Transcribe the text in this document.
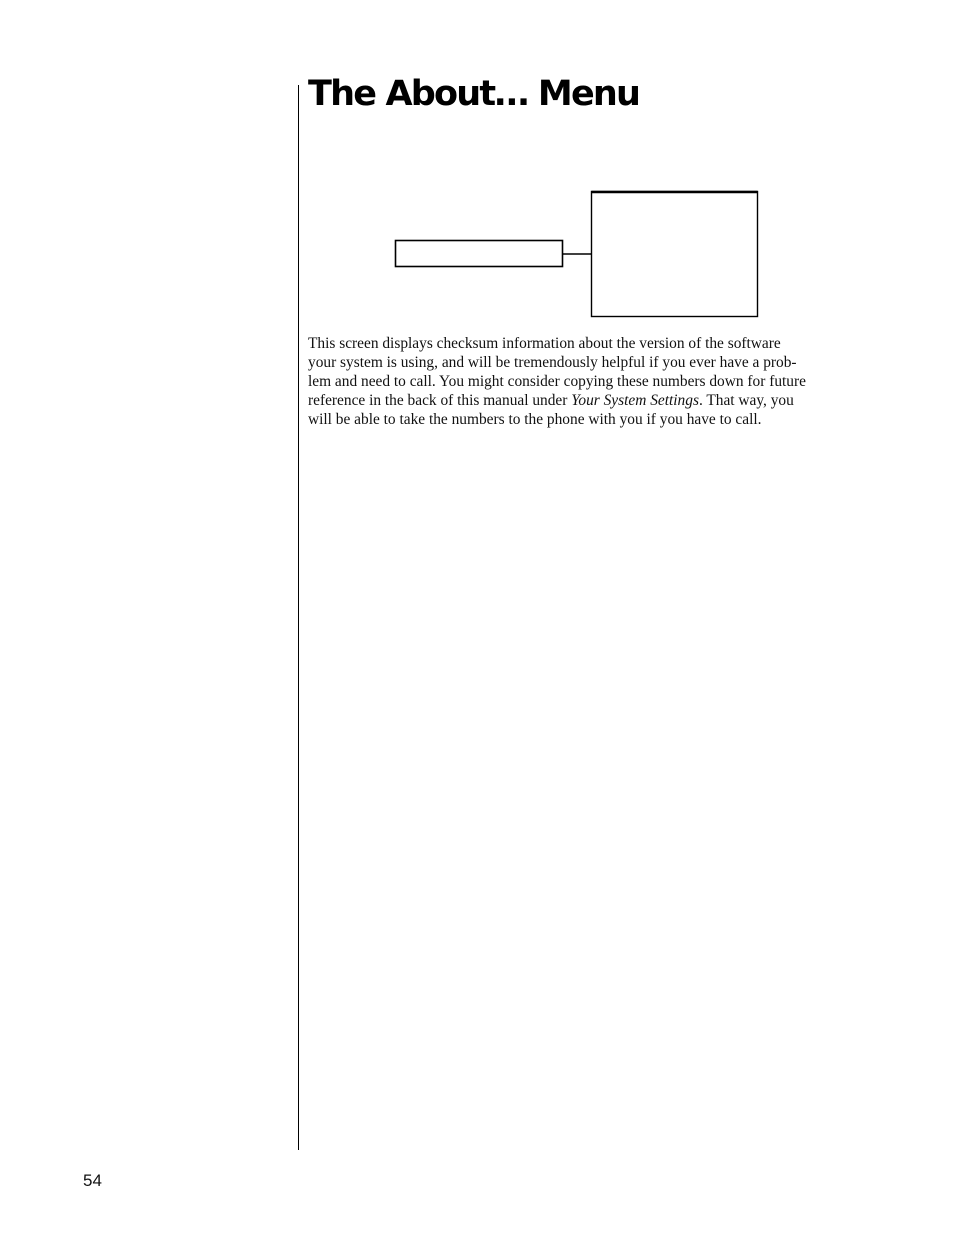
The About… Menu

This screen displays checksum information about the version of the software
your system is using, and will be tremendously helpful if you ever have a prob-
lem and need to call. You might consider copying these numbers down for future
reference in the back of this manual under Your System Settings. That way, you
will be able to take the numbers to the phone with you if you have to call.

54
